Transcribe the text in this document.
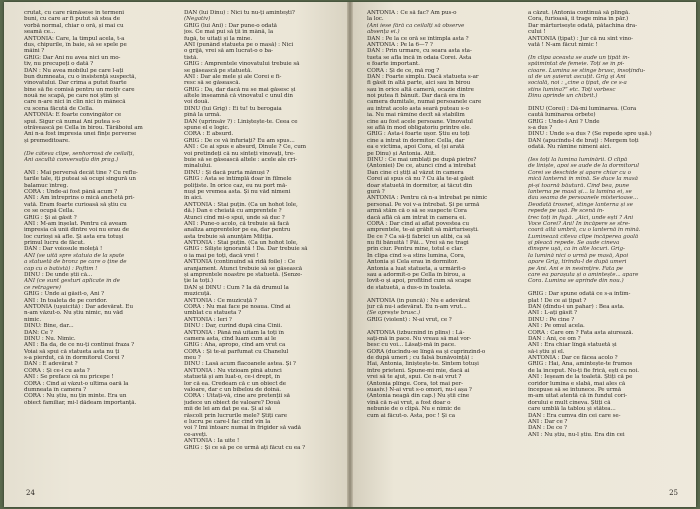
crutat, cu care rămăsese în termeni
buni, cu care ar fi putut să stea de
vorbă normal, chiar o oră, și mai cu
seamă ce...
ANTONIA: Care, la timpul acela, t-a
dus, chipurile, în baie, să se spele pe
mâini ?
GRIG: Dar Ani nu avea nici un mo-
tiv, nu precupeți o dată ?
DAN : Nu avea mobilul pe care l-ați
bun dumneata, cu o insistență suspectă,
vinovatului. Dar crima a putut foarte
bine să fie comisă pentru un motiv care
nouă ne scapă, pe care noi știm și
care n-are nici în clin nici în mânecă
cu scena făcută de Cella.
ANTONIA: E foarte convingător ce
spui. Sigur că numai Ani putea s-o
otrăvească pe Cella în birou. Tărăboiul am
Ani n-a fost impresia unei fințe perverse
și premeditoare.
(De câteva clipe, senhorrosă de ceilalți,
Ani ascultă conversația din prag.)
ANI : Mai perversă decât tine ? Cu reflu-
tarile tale, iți puteai să ocupi singură un
balamuc întreg.
CORA : Unde-ai fost până acum ?
ANI : Am întreprins o mică anchetă pri-
vată. Eram foarte curioasă să știu cu
ce se ocupă Cella.
GRIG : Și ai găsit ?
ANI : M-am înșelat. Pentru că aveam
impresia că unii dintre voi nu erau de
loc curioși să afle. Și asta era totuși
primul lucru de făcut.
DAN : Dar voiosule moleță !
ANI (se uită spre statuia de la spate
a statuetă de bronz pe care o ține de
cap cu o batistă) : Poftim !
DINU : De unde știi că...
ANI (ce sunt gesturi aplicate în de
ce retragere)
GRIG : Unde ai găsit-o, Ani ?
ANI : În toaleta de pe coridor.
ANTONIA (ușuicită) : Dar adevărat. Eu
n-am văzut-o. Nu știu nimic, nu văd
nimic.
DINU: Bine, dar...
DAN: Ce ?
DINU : Nu. Nimic.
ANI : Ba da, de ce nu-ți continui fraza ?
Voiai să spui că statueta asta nu ți
s-a pierdut, că în dormitorul Corei ?
DAN : E adevărat ?
CORA : Și ce-i cu asta ?
ANI : Se preface că nu pricepe !
CORA : Cînd ai văzut-o ultima oară la
dumneata în camera ?
CORA : Nu știu, nu țin minte. Era un
obiect familiar, mi-l dădeam importanță.
DAN (lui Dinu) : Nici tu nu-ți amintești?
(Negativ)
GRIG (lui Ani) : Dar pune-o odată
jos. Ce mai pui să ții în mână, la
fugă, te uitați și la mine.
ANI (punând statueta pe o masă) : Nici
o grijă, vrei să am lucrat-o o ba-
tistă.
GRIG : Amprentele vinovatului trebuie să
se găsească pe statuetă.
ANI : Dar ale mele și ale Corei e fi-
resc să se găsească.
GRIG : Da, dar dacă nu se mai găsesc și
altele înseamnă că vinovatul c unul din
voi două.
DINU (lui Grig) : Ei tu! tu berogaia
pînă la urmă.
DAN (uprinsăv ?) : Liniștește-te. Ceea ce
spune el e logic.
CORA : E absurd.
GRIG : De ce vă înfuriați? Eu am spus...
ANI : Ce ai spus e absurd, Dinule ? Ce, cum
voi pretindeți că nu sînteți vinovați, tre-
buie să se găsească altele : acele ale cri-
minalului.
DINU : Și dacă purta mănuși ?
GRIG : Asta se întîmplă doar în filmele
polițiste. In orice caz, eu nu port mă-
nuși pe vremea asta. Și nu văd nimeni
în aici.
ANTONIA : Stai puțin. (Ca un hohot lole,
dă.) Dan e cheiată cu amprentele ?
Atunci cînd mi-o spui, unde să duc ?
ANI : Pune-o acolo, că trebuie să facă
analiza amprentelor pe ea, dar pentru
asta trebuie să anunțăm Miliția.
ANTONIA : Stai puțin. (Ca un hohot lole,
GRIG : Siliște ignorantă ! Da. Dar trebuie să
o ia mai pe toți, dacă vrei !
ANTONIA (continuînd să ridă foile) : Ce
aranjament. Atunci trebuie să se găsească
și amprentele noastre pe statuetă. (Senze-
ție la toți.)
DAN și DINU : Cum ? Ia dă drumul la
muzicuță.
ANTONIA : Ce muzicuță ?
CORA : Nu mai face pe noaua. Cînd ai
umblat cu statueta ?
ANTONIA : Ieri ?
DINU : Dar, curînd după cina Cinii.
ANTONIA : Până mă uitam la toți în
camera asta, cînd luam cum ai le
GRIG : Aha, apropo, cînd am vrut ca
CORA : Și te-ai parfumat cu Chanelul
meu ?
DINU : Lasă acum flacoanele astea. Și ?
ANTONIA : Nu vizioam pînă atunci
statuetă și am luat-o, ce-i drept, în
lor că ea. Credeam că c un obiect de
valoare, dar c un bibelou de doinâ.
CORA : Uitați-vă, cine are pretenții să
judece un obiect de valoare? Două
mii de lei am dat pe ea. Și ai să
răscoli prin lucrurile mele? Știți care
e lucru pe care-l fac cînd vin la
voi ? Îmi întoarc numai în frigider să vadă
ce-aveți.
ANTONIA : Ia uite !
GRIG : Și ce să pe ce urmă ați făcut cu ea ?
24
ANTONIA : Ce să fac? Am pus-o
la loc.
(Ani iese fără ca ceilalți să observe
absența ei.)
DAN : Pe la ce oră se întîmpla asta ?
ANTONIA : Pe la 6—7 ?
DAN : Prin urmare, cu seara asta sta-
tueta se afla încă în odaia Corei. Asta
e foarte important.
CORA : Și de ce, mă rog ?
DAN : Foarte simplu. Dacă statueta s-ar
fi găsit în altă parte, aici sau în birou
sau în orice altă cameră, ocazie dintre
noi putea fi bănuit. Dar dacă era în
camera dumitale, numai persoanele care
au intrat acolo asta seară puteau s-o
ia. Nu mai rămîne decît să stabilim
cine au fost acele persoane. Vinovatul
se află în mod obligatoriu printre ele.
GRIG : Asta-i foarte ușor. Știu eu toți
cine a intrat în dormitor. Cella, dar
ea e victima, apoi Cora, el (și arată
pe Dinu) și Antonia. Atît.
DINU : Ce mai umblați pe după pietre?
(Antoniei) De ce, atunci cînd a întrebat
Dan cine ci știți al văzut în camera
Corei ai spus că nu ? Cu ăla te-ai găsit
doar statuetă în dormitor, ai tăcut din
gură ?
ANTONIA : Pentru că n-a întrebat pe nimic
personal. Pe voi v-a întrebat. Și pe urmă
armă stăm că o să se suspecte Cora
dacă află că am intrat în camera ei.
CORA : Dar cînd ai aflat povestea cu
amprentele, te-ai grăbit să mărturisești.
De ce ? Ca să-ți fabrici un alibi, ca să
nu fii bănuită ! Păi... Vrei să ne tragi
prin ciur. Pentru mine, totul e clar.
În clipa cînd s-a stins lumina, Cora,
Antonia și Cela erau în dormitor.
Antonia a luat statueta, a urmărit-o
sau a adormit-o pe Cella în birou, a
lovit-o și apoi, profitînd cum să scape
de statuetă, a dus-o în toaleta.
ANTONIA (in puncă) : Nu e adevărat
jur că nu-i adevărat. Eu n-am vrut...
(Se oprește brusc.)
GRIG (violent) : N-ai vrut, ce ?
ANTONIA (izbucnind in plîns) : Lă-
sați-mă în pace. Nu vreau să mai vor-
besc cu voi... Lăsați-mă în pace.
GORA (ducîndu-se lîngă ea și cuprinzînd-o
de după umeri ; cu falsă bunăvoință) :
Hai, Antonia, liniștește-te. Sîntem totuși
între prieteni. Spune-mi mie, dacă ai
vrei să te ajut, spui. Ce n-ai vrut ?
(Antonia plînge. Cora, tot mai per-
suasiv.) N-ai vrut s-o omori, nu-i așa ?
(Antonia neagă din cap.) Nu știi cine
vină că n-ai vrut, a fost doar o
nebunie de o clipă. Nu e nimic de
cum ai făcut-o. Asta, poc ! Și ca
a căzut. (Antonia continuă să plîngă.
Cora, furioasă, îi trage mîna în păr.)
Dar mărturisește odată, pătachina dra-
cului !
ANTONIA (țipat) : Jur că nu sînt vino-
vată ! N-am făcut nimic !
(In clipa aceasta se aude un țipăt în-
spăimîntat de femeie. Toți se în pi-
cioare. Lumina se stinge brusc, însoțindu-
ul de un șuierat ascuțit. Grig și Ani
socială, noi : „cine a țipat, de ce s-a
stins lumina?” etc. Toți vorbesc
Dinu aprinde un chibrit.)
DINU (Corei) : Dă-mi lumînarea. (Cora
caută lumînarea orbete)
GRIG : Unde-i Ani ? Unde
s-a dus ?
DINU : Unde s-a dus ? (Se repede spre ușă.)
DAN (apucîndu-l de braț) : Mergem toți
odată. Nu rămîne nimeni aici.
(Ies toți la lumina lumînării. O clipă
de liniște, apoi se aude de la dormitorul
Corei se deschide și apare chiar cu o
mică lanternă în mînă. Se duce la masă
pi-și toarnă băutură. Cînd bea, pune
lanterna pe masă și... la lumina ei, se
dau seama de persoanele misterioase...
Deodată trosnet, stinge lanterna și se
repede pe ușă. Pe scenă in-
trec toți în fugă. „Aici, unde ești ? Ani
Voce Corei? Ani! În încăpere se stre-
coară altă umbră, cu o lanternă în mînă.
Luminează cîteva clipe încăperea goală
și pleacă repede. Se aude cineva
dinspre ușă, ca în alte locuri. Grig-
la lumină nici o urmă pe masă, Apoi
apare Grig, tîrîndu-l de după umeri
pe Ani. Ani e în nesimțire. Fata pe
care ea parașuta și o amintește... apare
Cora. Lumina se aprinde din nou.)
GRIG : Dar spune odată ce s-a întîm-
plat ! De ce ai țipat ?
DAN (dîndu-i un pahar) : Bea asta.
ANI : L-ați găsit ?
DINU : Pe cine ?
ANI : Pe omul acela.
CORA : Care om ? Fata asta aiurează.
DAN : Ani, ce om ?
ANI : Era chiar lîngă statuetă și
să-i știu și el.
ANTONIA : Dar ce făcea acolo ?
GRIG : Hai, Ana, amintește-te frumos
de la început. Nu-ți fie frică, ești cu noi.
ANI : Ieșeam de la toaletă. Știți că pe
coridor lumina e slabă, mai ales că
începuse să se întunece. Pe urmă
m-am uitat atentă că în fundul cori-
dorului e mult cineva. Știți că
care umblă la tablou și stătea...
DAN : Era cumva din cei care se-
ANI : Dar ce ?
DAN : De ce ?
ANI : Nu știu, nu-l știu. Era din cei
25
